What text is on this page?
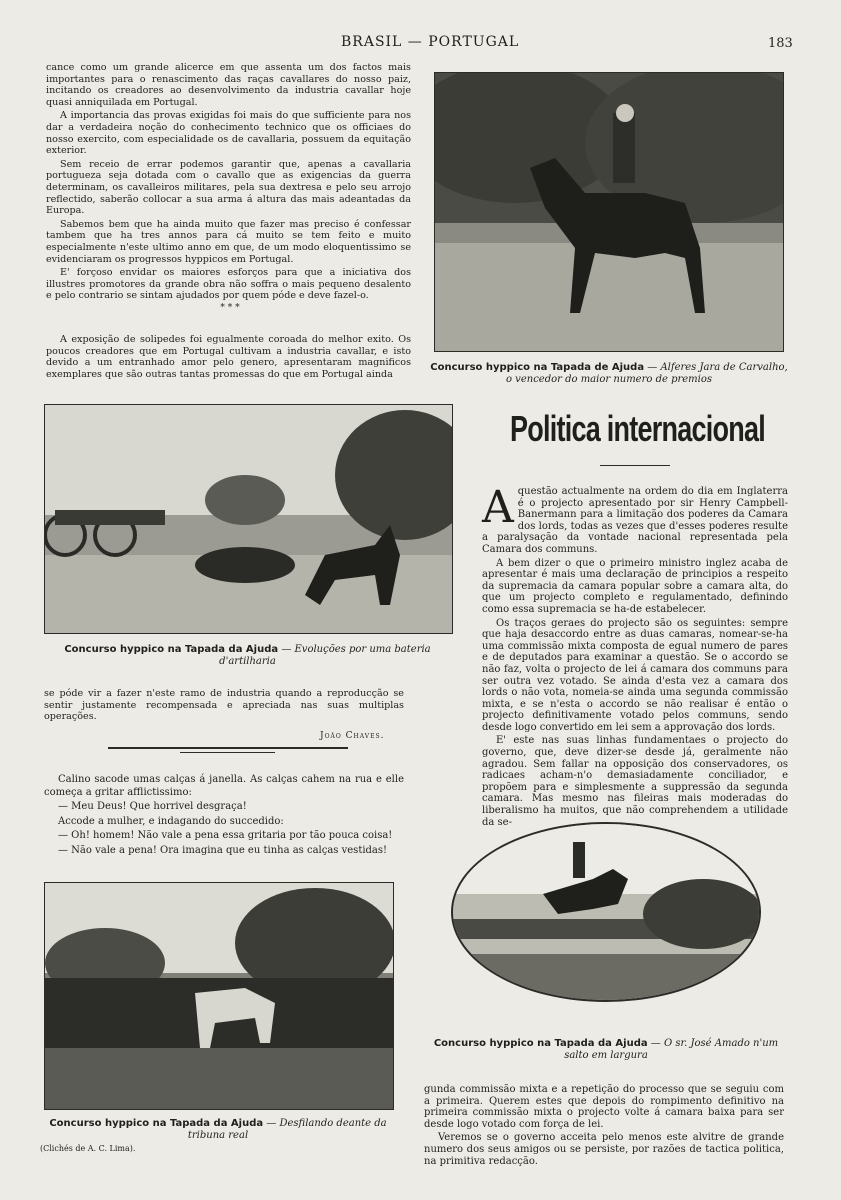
BRASIL — PORTUGAL	183

cance como um grande alicerce em que assenta um dos factos mais importantes para o renascimento das raças cavallares do nosso paiz, incitando os creadores ao desenvolvimento da industria cavallar hoje quasi anniquilada em Portugal.

A importancia das provas exigidas foi mais do que sufficiente para nos dar a verdadeira noção do conhecimento technico que os officiaes do nosso exercito, com especialidade os de cavallaria, possuem da equitação exterior.

Sem receio de errar podemos garantir que, apenas a cavallaria portugueza seja dotada com o cavallo que as exigencias da guerra determinam, os cavalleiros militares, pela sua dextresa e pelo seu arrojo reflectido, saberão collocar a sua arma á altura das mais adeantadas da Europa.

Sabemos bem que ha ainda muito que fazer mas preciso é confessar tambem que ha tres annos para cá muito se tem feito e muito especialmente n'este ultimo anno em que, de um modo eloquentissimo se evidenciaram os progressos hyppicos em Portugal.

E' forçoso envidar os maiores esforços para que a iniciativa dos illustres promotores da grande obra não soffra o mais pequeno desalento e pelo contrario se sintam ajudados por quem póde e deve fazel-o.

* * *

A exposição de solipedes foi egualmente coroada do melhor exito. Os poucos creadores que em Portugal cultivam a industria cavallar, e isto devido a um entranhado amor pelo genero, apresentaram magnificos exemplares que são outras tantas promessas do que em Portugal ainda

Concurso hyppico na Tapada de Ajuda — Alferes Jara de Carvalho, o vencedor do maior numero de premios
Concurso hyppico na Tapada da Ajuda — Evoluções por uma bateria d'artilharia

se póde vir a fazer n'este ramo de industria quando a reproducção se sentir justamente recompensada e apreciada nas suas multiplas operações.

João Chaves.

Calino sacode umas calças á janella. As calças cahem na rua e elle começa a gritar afflictissimo:

— Meu Deus! Que horrivel desgraça!

Accode a mulher, e indagando do succedido:

— Oh! homem! Não vale a pena essa gritaria por tão pouca coisa!

— Não vale a pena! Ora imagina que eu tinha as calças vestidas!

Concurso hyppico na Tapada da Ajuda — Desfilando deante da tribuna real
(Clichés de A. C. Lima).
Politica internacional

Aquestão actualmente na ordem do dia em Inglaterra é o projecto apresentado por sir Henry Campbell-Banermann para a limitação dos poderes da Camara dos lords, todas as vezes que d'esses poderes resulte a paralysação da vontade nacional representada pela Camara dos communs.

A bem dizer o que o primeiro ministro inglez acaba de apresentar é mais uma declaração de principios a respeito da supremacia da camara popular sobre a camara alta, do que um projecto completo e regulamentado, definindo como essa supremacia se ha-de estabelecer.

Os traços geraes do projecto são os seguintes: sempre que haja desaccordo entre as duas camaras, nomear-se-ha uma commissão mixta composta de egual numero de pares e de deputados para examinar a questão. Se o accordo se não faz, volta o projecto de lei á camara dos communs para ser outra vez votado. Se ainda d'esta vez a camara dos lords o não vota, nomeia-se ainda uma segunda commissão mixta, e se n'esta o accordo se não realisar é então o projecto definitivamente votado pelos communs, sendo desde logo convertido em lei sem a approvação dos lords.

E' este nas suas linhas fundamentaes o projecto do governo, que, deve dizer-se desde já, geralmente não agradou. Sem fallar na opposição dos conservadores, os radicaes acham-n'o demasiadamente conciliador, e propõem para e simplesmente a suppressão da segunda camara. Mas mesmo nas fileiras mais moderadas do liberalismo ha muitos, que não comprehendem a utilidade da se-

Concurso hyppico na Tapada da Ajuda — O sr. José Amado n'um salto em largura

gunda commissão mixta e a repetição do processo que se seguiu com a primeira. Querem estes que depois do rompimento definitivo na primeira commissão mixta o projecto volte á camara baixa para ser desde logo votado com força de lei.

Veremos se o governo acceita pelo menos este alvitre de grande numero dos seus amigos ou se persiste, por razões de tactica politica, na primitiva redacção.
